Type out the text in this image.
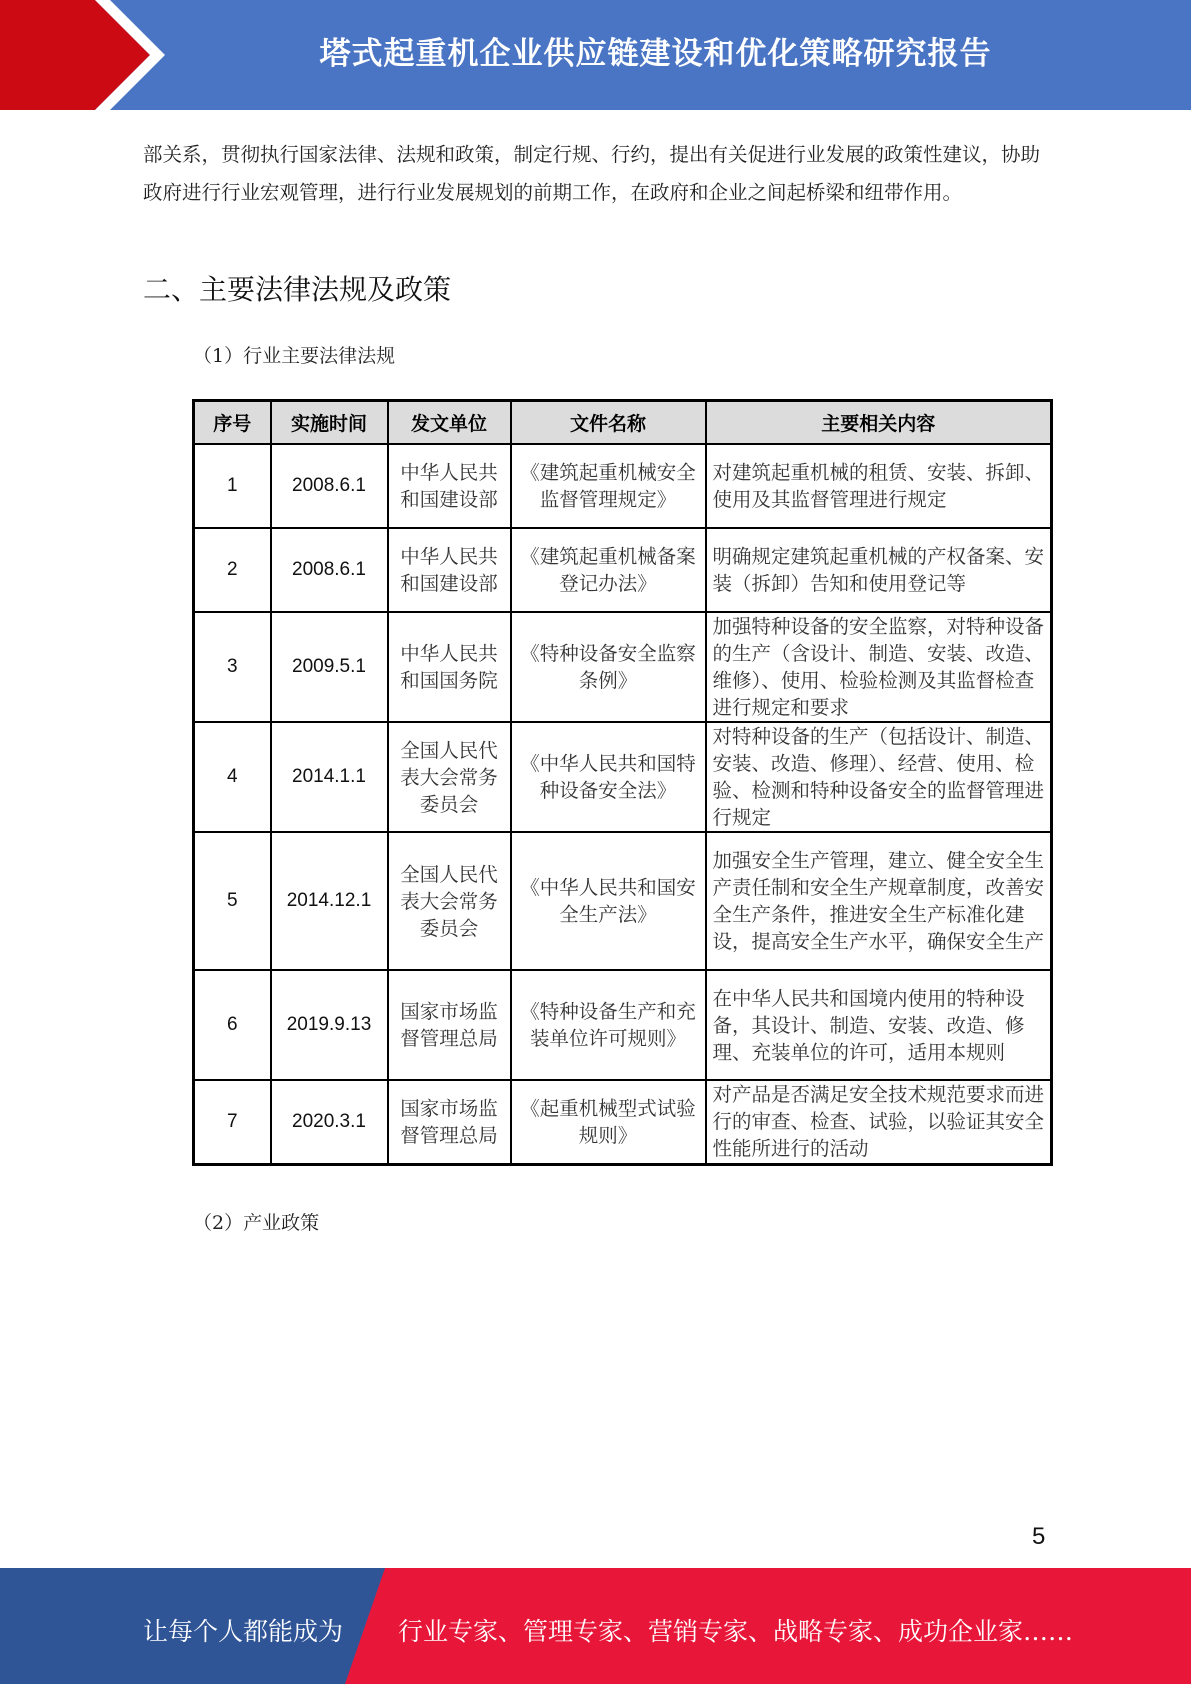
塔式起重机企业供应链建设和优化策略研究报告
部关系，贯彻执行国家法律、法规和政策，制定行规、行约，提出有关促进行业发展的政策性建议，协助政府进行行业宏观管理，进行行业发展规划的前期工作，在政府和企业之间起桥梁和纽带作用。
二、主要法律法规及政策
（1）行业主要法律法规
序号	实施时间	发文单位	文件名称	主要相关内容
1	2008.6.1	中华人民共和国建设部	《建筑起重机械安全监督管理规定》	对建筑起重机械的租赁、安装、拆卸、使用及其监督管理进行规定
2	2008.6.1	中华人民共和国建设部	《建筑起重机械备案登记办法》	明确规定建筑起重机械的产权备案、安装（拆卸）告知和使用登记等
3	2009.5.1	中华人民共和国国务院	《特种设备安全监察条例》	加强特种设备的安全监察，对特种设备的生产（含设计、制造、安装、改造、维修）、使用、检验检测及其监督检查进行规定和要求
4	2014.1.1	全国人民代表大会常务委员会	《中华人民共和国特种设备安全法》	对特种设备的生产（包括设计、制造、安装、改造、修理）、经营、使用、检验、检测和特种设备安全的监督管理进行规定
5	2014.12.1	全国人民代表大会常务委员会	《中华人民共和国安全生产法》	加强安全生产管理，建立、健全安全生产责任制和安全生产规章制度，改善安全生产条件，推进安全生产标准化建设，提高安全生产水平，确保安全生产
6	2019.9.13	国家市场监督管理总局	《特种设备生产和充装单位许可规则》	在中华人民共和国境内使用的特种设备，其设计、制造、安装、改造、修理、充装单位的许可，适用本规则
7	2020.3.1	国家市场监督管理总局	《起重机械型式试验规则》	对产品是否满足安全技术规范要求而进行的审查、检查、试验，以验证其安全性能所进行的活动
（2）产业政策
5
让每个人都能成为 行业专家、管理专家、营销专家、战略专家、成功企业家……
